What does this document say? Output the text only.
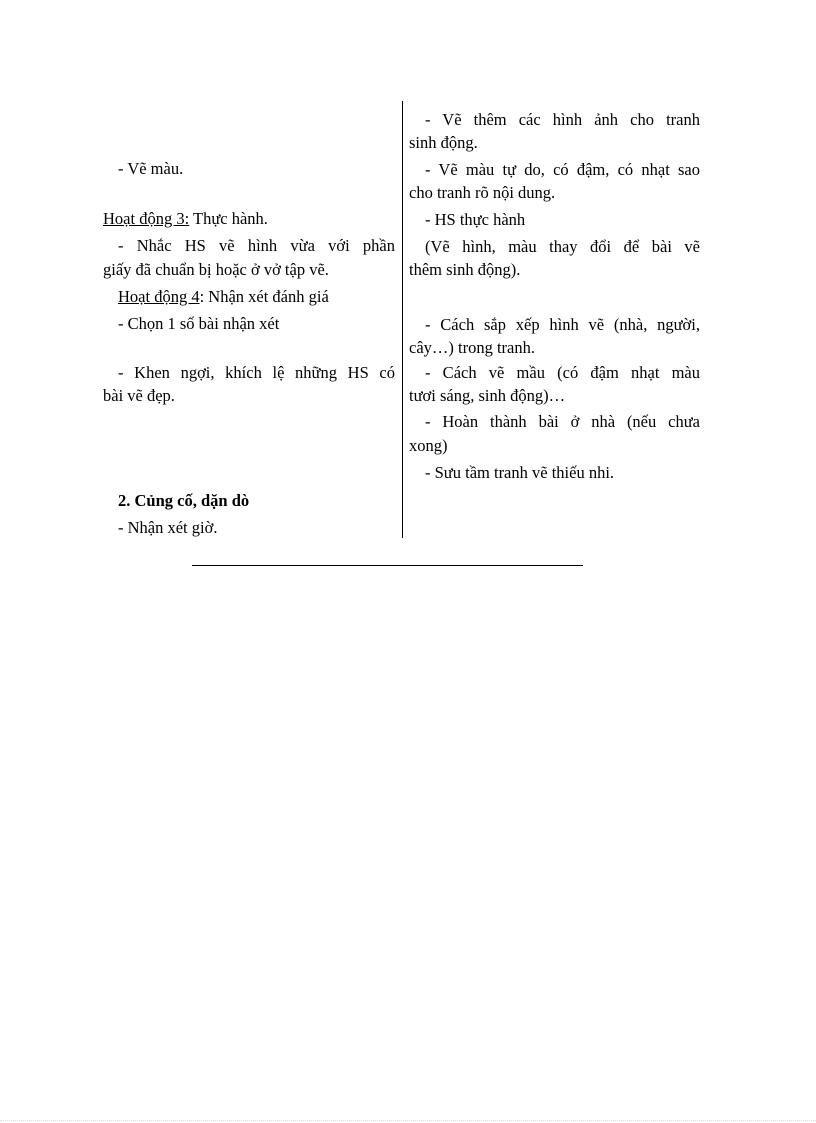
- Vẽ màu.
Hoạt động 3: Thực hành.
- Nhắc HS vẽ hình vừa với phần
giấy đã chuẩn bị hoặc ở vở tập vẽ.
Hoạt động 4: Nhận xét đánh giá
- Chọn 1 số bài nhận xét
- Khen ngợi, khích lệ những HS có
bài vẽ đẹp.
2. Củng cố, dặn dò
- Nhận xét giờ.
- Vẽ thêm các hình ảnh cho tranh
sinh động.
- Vẽ màu tự do, có đậm, có nhạt sao
cho tranh rõ nội dung.
- HS thực hành
(Vẽ hình, màu thay đổi để bài vẽ
thêm sinh động).
- Cách sắp xếp hình vẽ (nhà, người,
cây…) trong tranh.
- Cách vẽ mầu (có đậm nhạt màu
tươi sáng, sinh động)…
- Hoàn thành bài ở nhà (nếu chưa
xong)
- Sưu tầm tranh vẽ thiếu nhi.
